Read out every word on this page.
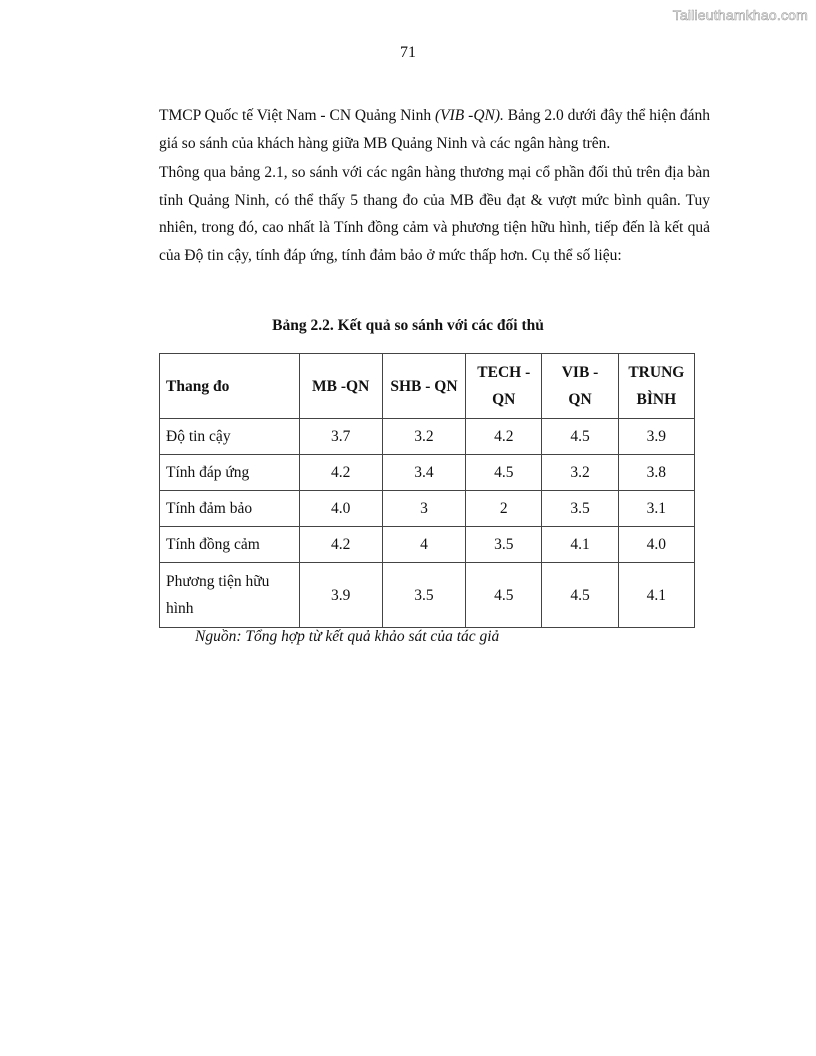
Tailieuthamkhao.com
71

TMCP Quốc tế Việt Nam - CN Quảng Ninh (VIB -QN). Bảng 2.0 dưới đây thể hiện đánh giá so sánh của khách hàng giữa MB Quảng Ninh và các ngân hàng trên.

Thông qua bảng 2.1, so sánh với các ngân hàng thương mại cổ phần đối thủ trên địa bàn tỉnh Quảng Ninh, có thể thấy 5 thang đo của MB đều đạt & vượt mức bình quân. Tuy nhiên, trong đó, cao nhất là Tính đồng cảm và phương tiện hữu hình, tiếp đến là kết quả của Độ tin cậy, tính đáp ứng, tính đảm bảo ở mức thấp hơn. Cụ thể số liệu:

Bảng 2.2. Kết quả so sánh với các đối thủ
Thang đo	MB -QN	SHB - QN	TECH - QN	VIB - QN	TRUNG BÌNH
Độ tin cậy	3.7	3.2	4.2	4.5	3.9
Tính đáp ứng	4.2	3.4	4.5	3.2	3.8
Tính đảm bảo	4.0	3	2	3.5	3.1
Tính đồng cảm	4.2	4	3.5	4.1	4.0
Phương tiện hữu hình	3.9	3.5	4.5	4.5	4.1
Nguồn: Tổng hợp từ kết quả khảo sát của tác giả
